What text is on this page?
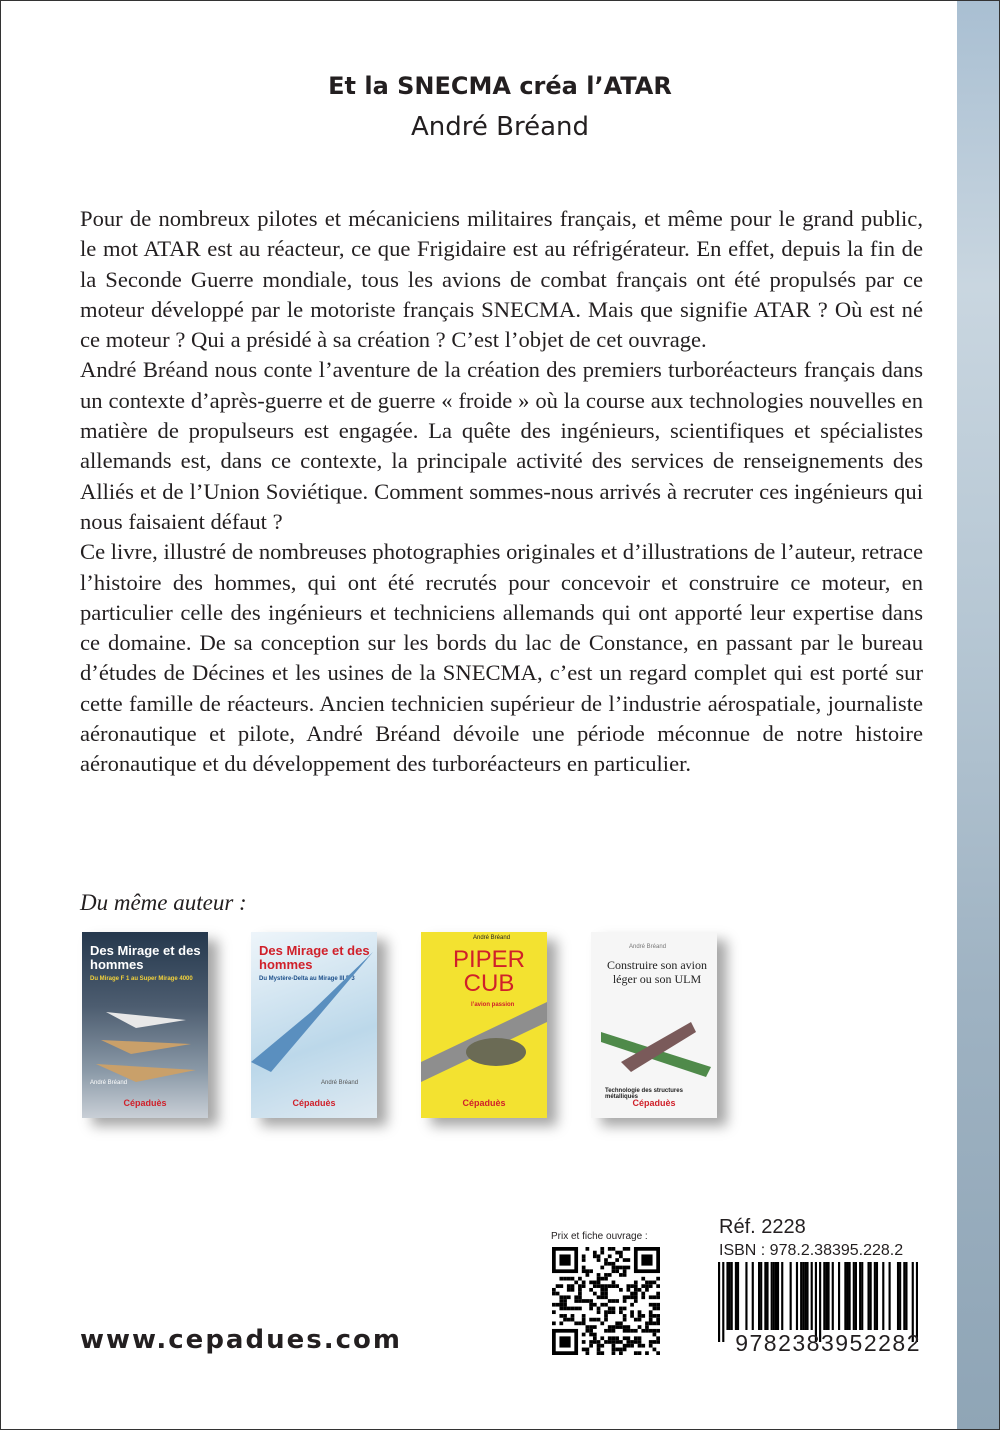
Et la SNECMA créa l’ATAR
André Bréand

Pour de nombreux pilotes et mécaniciens militaires français, et même pour le grand public, le mot ATAR est au réacteur, ce que Frigidaire est au réfrigérateur. En effet, depuis la fin de la Seconde Guerre mondiale, tous les avions de combat français ont été propulsés par ce moteur développé par le motoriste français SNECMA. Mais que signifie ATAR ? Où est né ce moteur ? Qui a présidé à sa création ? C’est l’objet de cet ouvrage.

André Bréand nous conte l’aventure de la création des premiers turboréacteurs français dans un contexte d’après-guerre et de guerre « froide » où la course aux technologies nouvelles en matière de propulseurs est engagée. La quête des ingénieurs, scientifiques et spécialistes allemands est, dans ce contexte, la principale activité des services de renseignements des Alliés et de l’Union Soviétique. Comment sommes-nous arrivés à recruter ces ingénieurs qui nous faisaient défaut ?

Ce livre, illustré de nombreuses photographies originales et d’illustrations de l’auteur, retrace l’histoire des hommes, qui ont été recrutés pour concevoir et construire ce moteur, en particulier celle des ingénieurs et techniciens allemands qui ont apporté leur expertise dans ce domaine. De sa conception sur les bords du lac de Constance, en passant par le bureau d’études de Décines et les usines de la SNECMA, c’est un regard complet qui est porté sur cette famille de réacteurs. Ancien technicien supérieur de l’industrie aérospatiale, journaliste aéronautique et pilote, André Bréand dévoile une période méconnue de notre histoire aéronautique et du développement des turboréacteurs en particulier.

Du même auteur :
Des Mirage et des hommes
Du Mirage F 1 au Super Mirage 4000
André Bréand
Cépaduès
Des Mirage et des hommes
Du Mystère-Delta au Mirage III F 3
André Bréand
Cépaduès
PIPER CUB
l’avion passion
André Bréand
Cépaduès
André Bréand
Construire son avion léger ou son ULM
Technologie des structures métalliques
Cépaduès
www.cepadues.com
Prix et fiche ouvrage :	Réf. 2228
ISBN : 978.2.38395.228.2
9782383952282
